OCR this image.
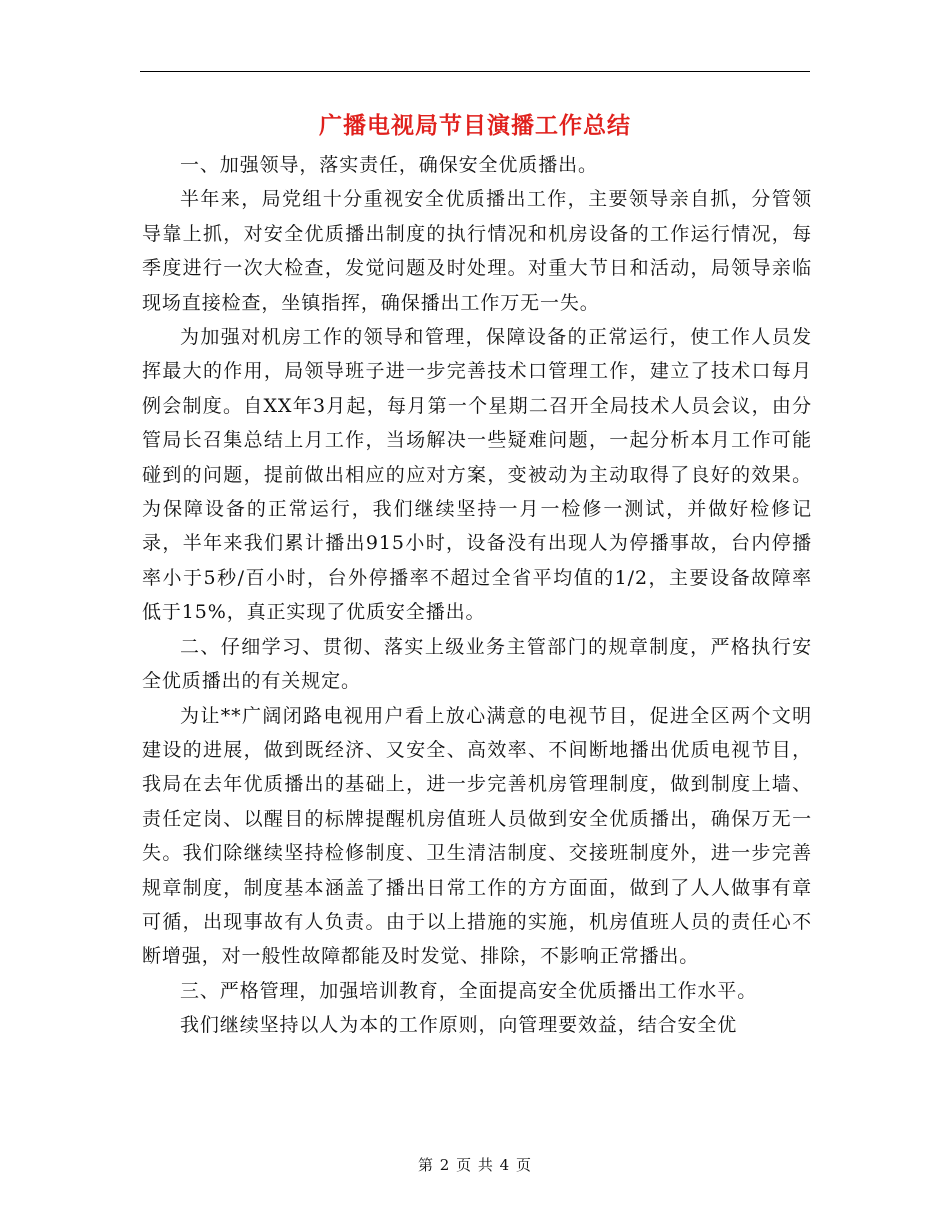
广播电视局节目演播工作总结

一、加强领导，落实责任，确保安全优质播出。

半年来，局党组十分重视安全优质播出工作，主要领导亲自抓，分管领导靠上抓，对安全优质播出制度的执行情况和机房设备的工作运行情况，每季度进行一次大检查，发觉问题及时处理。对重大节日和活动，局领导亲临现场直接检查，坐镇指挥，确保播出工作万无一失。

为加强对机房工作的领导和管理，保障设备的正常运行，使工作人员发挥最大的作用，局领导班子进一步完善技术口管理工作，建立了技术口每月例会制度。自XX年3月起，每月第一个星期二召开全局技术人员会议，由分管局长召集总结上月工作，当场解决一些疑难问题，一起分析本月工作可能碰到的问题，提前做出相应的应对方案，变被动为主动取得了良好的效果。为保障设备的正常运行，我们继续坚持一月一检修一测试，并做好检修记录，半年来我们累计播出915小时，设备没有出现人为停播事故，台内停播率小于5秒/百小时，台外停播率不超过全省平均值的1/2，主要设备故障率低于15%，真正实现了优质安全播出。

二、仔细学习、贯彻、落实上级业务主管部门的规章制度，严格执行安全优质播出的有关规定。

为让**广阔闭路电视用户看上放心满意的电视节目，促进全区两个文明建设的进展，做到既经济、又安全、高效率、不间断地播出优质电视节目，我局在去年优质播出的基础上，进一步完善机房管理制度，做到制度上墙、责任定岗、以醒目的标牌提醒机房值班人员做到安全优质播出，确保万无一失。我们除继续坚持检修制度、卫生清洁制度、交接班制度外，进一步完善规章制度，制度基本涵盖了播出日常工作的方方面面，做到了人人做事有章可循，出现事故有人负责。由于以上措施的实施，机房值班人员的责任心不断增强，对一般性故障都能及时发觉、排除，不影响正常播出。

三、严格管理，加强培训教育，全面提高安全优质播出工作水平。

我们继续坚持以人为本的工作原则，向管理要效益，结合安全优

第 2 页 共 4 页
